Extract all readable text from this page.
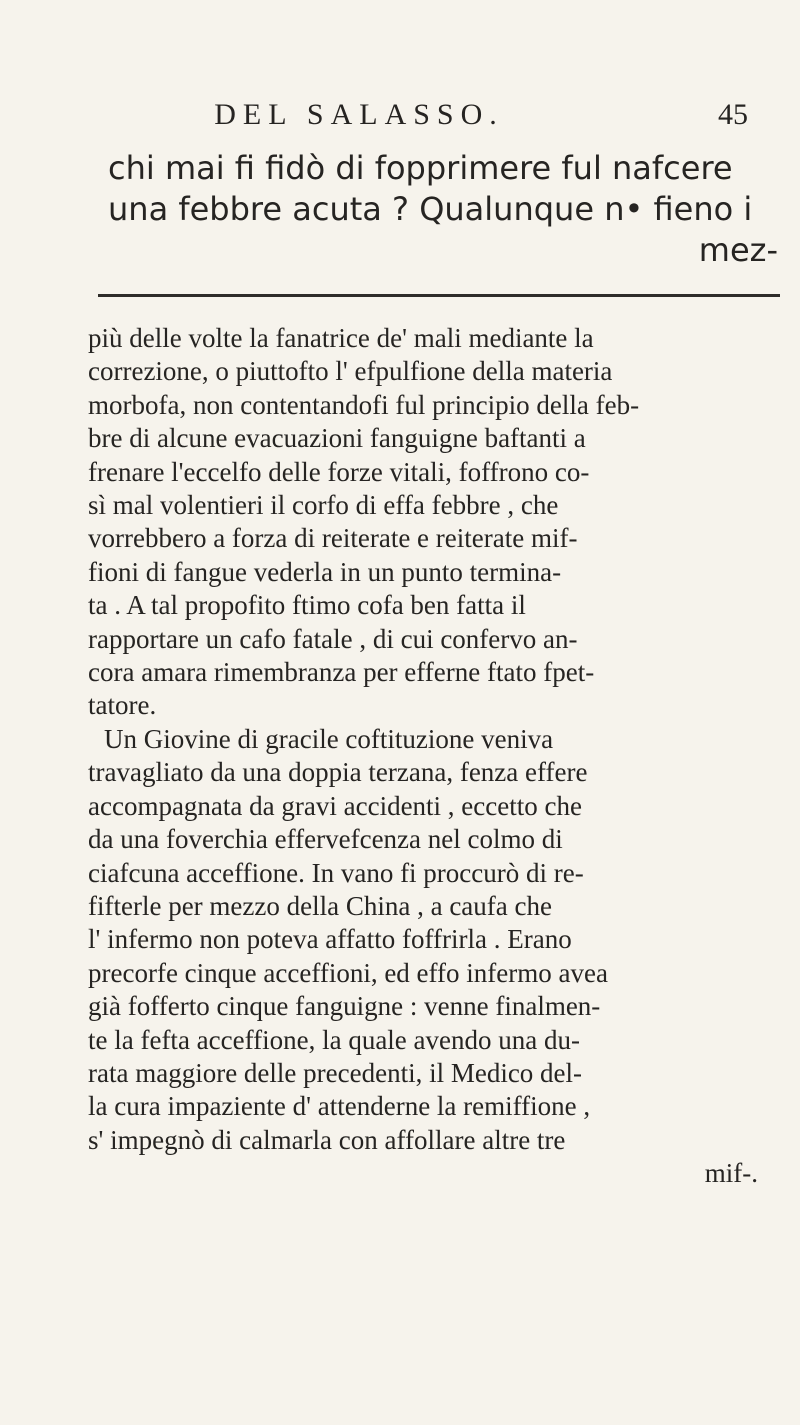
DEL SALASSO.	45
chi mai fi fidò di fopprimere ful nafcere
una febbre acuta ? Qualunque n• fieno i
mez-
più delle volte la fanatrice de' mali mediante la
correzione, o piuttofto l' efpulfione della materia
morbofa, non contentandofi ful principio della feb-
bre di alcune evacuazioni fanguigne baftanti a
frenare l'eccelfo delle forze vitali, foffrono co-
sì mal volentieri il corfo di effa febbre , che
vorrebbero a forza di reiterate e reiterate mif-
fioni di fangue vederla in un punto termina-
ta . A tal propofito ftimo cofa ben fatta il
rapportare un cafo fatale , di cui confervo an-
cora amara rimembranza per efferne ftato fpet-
tatore.
Un Giovine di gracile coftituzione veniva
travagliato da una doppia terzana, fenza effere
accompagnata da gravi accidenti , eccetto che
da una foverchia effervefcenza nel colmo di
ciafcuna acceffione. In vano fi proccurò di re-
fifterle per mezzo della China , a caufa che
l' infermo non poteva affatto foffrirla . Erano
precorfe cinque acceffioni, ed effo infermo avea
già fofferto cinque fanguigne : venne finalmen-
te la fefta acceffione, la quale avendo una du-
rata maggiore delle precedenti, il Medico del-
la cura impaziente d' attenderne la remiffione ,
s' impegnò di calmarla con affollare altre tre
mif-.
